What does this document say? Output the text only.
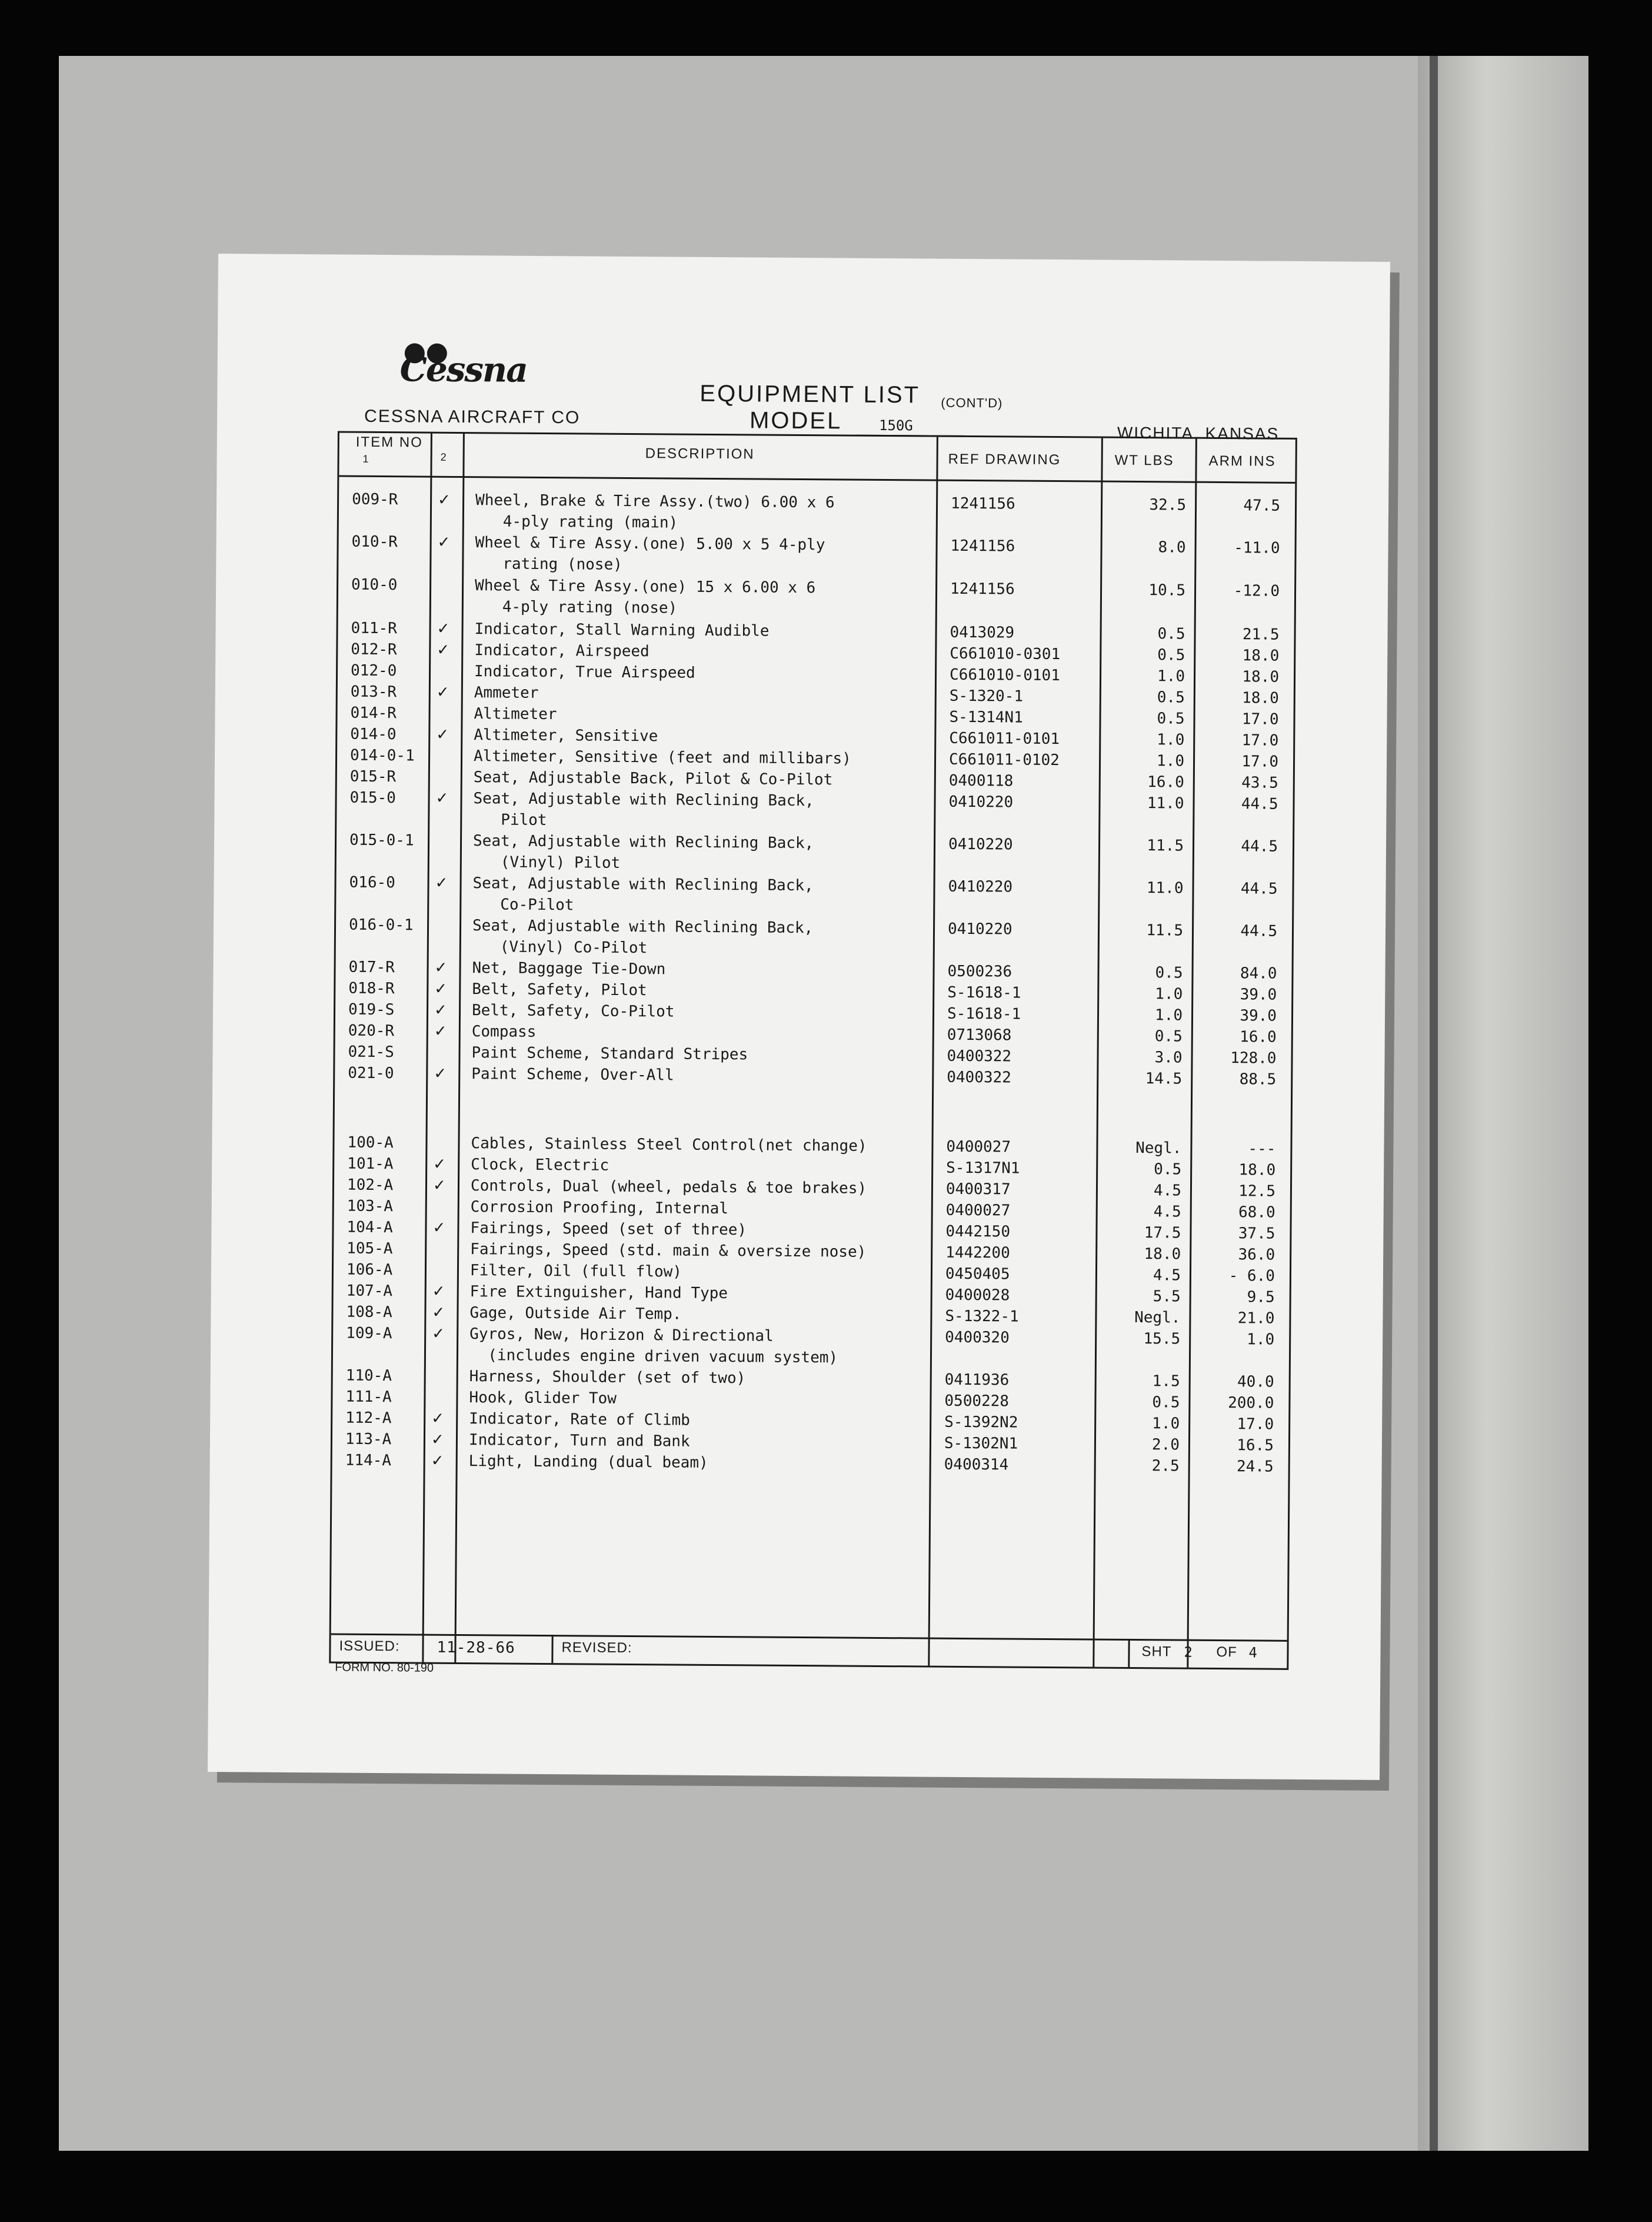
Cessna
CESSNA AIRCRAFT CO
EQUIPMENT LIST (CONT'D)
MODEL	150G	WICHITA, KANSAS
ITEM NO
1	2	DESCRIPTION	REF DRAWING	WT LBS ARM INS
009-R	✓ Wheel, Brake & Tire Assy.(two) 6.00 x 6
4-ply rating (main)
1241156	32.5	47.5
010-R	✓ Wheel & Tire Assy.(one) 5.00 x 5 4-ply
rating (nose)
1241156	8.0	-11.0
010-0	Wheel & Tire Assy.(one) 15 x 6.00 x 6
4-ply rating (nose)
1241156	10.5	-12.0
011-R	✓ Indicator, Stall Warning Audible	0413029	0.5	21.5
012-R	✓ Indicator, Airspeed	C661010-0301	0.5	18.0
012-0	Indicator, True Airspeed	C661010-0101	1.0	18.0
013-R	✓ Ammeter	S-1320-1	0.5	18.0
014-R	Altimeter	S-1314N1	0.5	17.0
014-0	✓ Altimeter, Sensitive	C661011-0101	1.0	17.0
014-0-1	Altimeter, Sensitive (feet and millibars)	C661011-0102	1.0	17.0
015-R	Seat, Adjustable Back, Pilot & Co-Pilot	0400118	16.0	43.5
015-0	✓ Seat, Adjustable with Reclining Back,
Pilot
0410220	11.0	44.5
015-0-1	Seat, Adjustable with Reclining Back,
(Vinyl) Pilot
0410220	11.5	44.5
016-0	✓ Seat, Adjustable with Reclining Back,
Co-Pilot
0410220	11.0	44.5
016-0-1	Seat, Adjustable with Reclining Back,
(Vinyl) Co-Pilot
0410220	11.5	44.5
017-R	✓ Net, Baggage Tie-Down	0500236	0.5	84.0
018-R	✓ Belt, Safety, Pilot	S-1618-1	1.0	39.0
019-S	✓ Belt, Safety, Co-Pilot	S-1618-1	1.0	39.0
020-R	✓ Compass	0713068	0.5	16.0
021-S	Paint Scheme, Standard Stripes	0400322	3.0	128.0
021-0	✓ Paint Scheme, Over-All	0400322	14.5	88.5
100-A	Cables, Stainless Steel Control(net change)	0400027	Negl.	---
101-A	✓ Clock, Electric	S-1317N1	0.5	18.0
102-A	✓ Controls, Dual (wheel, pedals & toe brakes)	0400317	4.5	12.5
103-A	Corrosion Proofing, Internal	0400027	4.5	68.0
104-A	✓ Fairings, Speed (set of three)	0442150	17.5	37.5
105-A	Fairings, Speed (std. main & oversize nose)	1442200	18.0	36.0
106-A	Filter, Oil (full flow)	0450405	4.5	- 6.0
107-A	✓ Fire Extinguisher, Hand Type	0400028	5.5	9.5
108-A	✓ Gage, Outside Air Temp.	S-1322-1	Negl.	21.0
109-A	✓ Gyros, New, Horizon & Directional
(includes engine driven vacuum system)
0400320	15.5	1.0
110-A	Harness, Shoulder (set of two)	0411936	1.5	40.0
111-A	Hook, Glider Tow	0500228	0.5	200.0
112-A	✓ Indicator, Rate of Climb	S-1392N2	1.0	17.0
113-A	✓ Indicator, Turn and Bank	S-1302N1	2.0	16.5
114-A	✓ Light, Landing (dual beam)	0400314	2.5	24.5
ISSUED: 11-28-66	REVISED:	SHT 2 OF 4
FORM NO. 80-190
